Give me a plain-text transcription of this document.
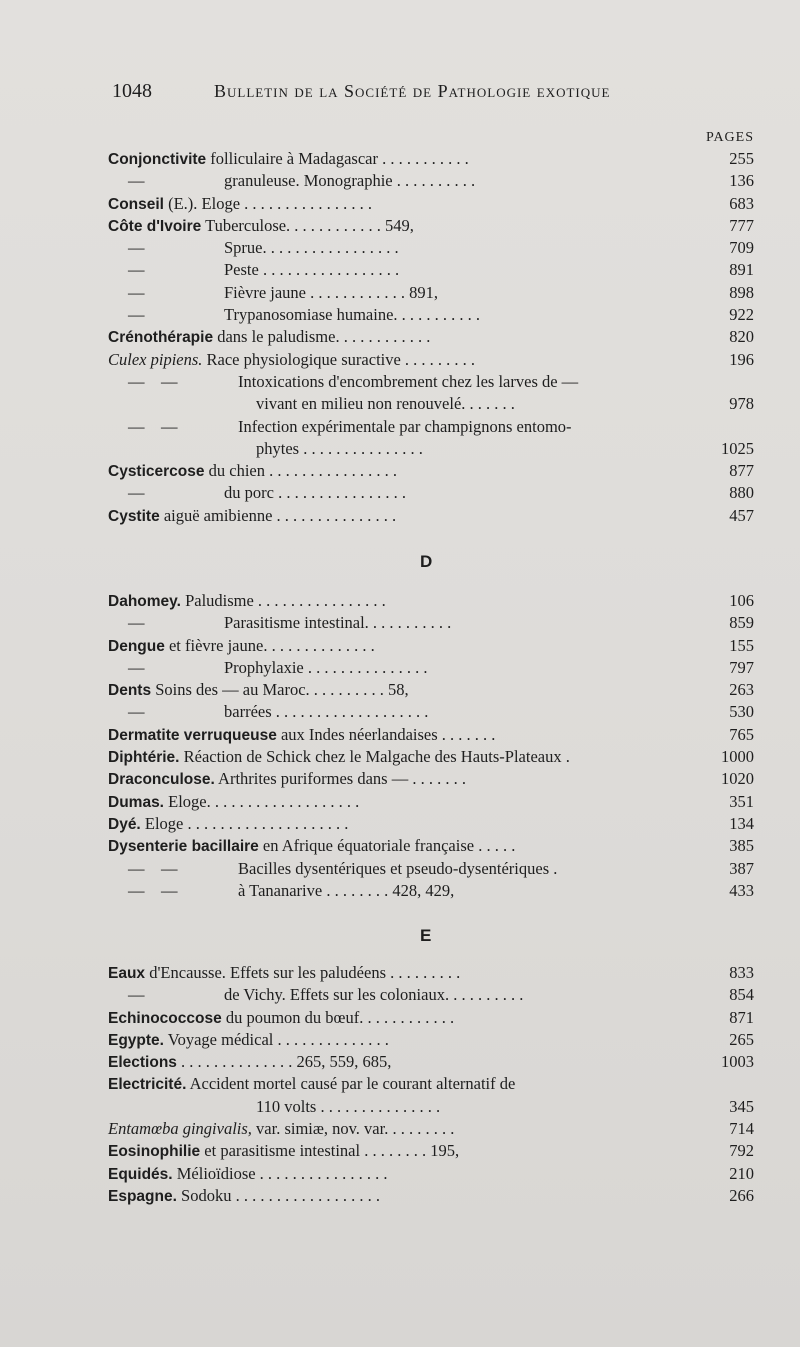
1048	Bulletin de la Société de Pathologie exotique
PAGES
Conjonctivite folliculaire à Madagascar . . . . . . . . . . .	255
—	granuleuse. Monographie . . . . . . . . . .	136
Conseil (E.). Eloge . . . . . . . . . . . . . . . .	683
Côte d'Ivoire Tuberculose. . . . . . . . . . . . 549,	777
—	Sprue. . . . . . . . . . . . . . . . .	709
—	Peste . . . . . . . . . . . . . . . . .	891
—	Fièvre jaune . . . . . . . . . . . . 891,	898
—	Trypanosomiase humaine. . . . . . . . . . .	922
Crénothérapie dans le paludisme. . . . . . . . . . . .	820
Culex pipiens. Race physiologique suractive . . . . . . . . .	196
—    —	Intoxications d'encombrement chez les larves de —
vivant en milieu non renouvelé. . . . . . .	978
—    —	Infection expérimentale par champignons entomo-
phytes . . . . . . . . . . . . . . .	1025
Cysticercose du chien . . . . . . . . . . . . . . . .	877
—	du porc . . . . . . . . . . . . . . . .	880
Cystite aiguë amibienne . . . . . . . . . . . . . . .	457
D
Dahomey. Paludisme . . . . . . . . . . . . . . . .	106
—	Parasitisme intestinal. . . . . . . . . . .	859
Dengue et fièvre jaune. . . . . . . . . . . . . .	155
—	Prophylaxie . . . . . . . . . . . . . . .	797
Dents Soins des — au Maroc. . . . . . . . . . 58,	263
—	barrées . . . . . . . . . . . . . . . . . . .	530
Dermatite verruqueuse aux Indes néerlandaises . . . . . . .	765
Diphtérie. Réaction de Schick chez le Malgache des Hauts-Plateaux .	1000
Draconculose. Arthrites puriformes dans — . . . . . . .	1020
Dumas. Eloge. . . . . . . . . . . . . . . . . . .	351
Dyé. Eloge . . . . . . . . . . . . . . . . . . . .	134
Dysenterie bacillaire en Afrique équatoriale française . . . . .	385
—    —	Bacilles dysentériques et pseudo-dysentériques .	387
—    —	à Tananarive . . . . . . . . 428, 429,	433
E
Eaux d'Encausse. Effets sur les paludéens . . . . . . . . .	833
—	de Vichy. Effets sur les coloniaux. . . . . . . . . .	854
Echinococcose du poumon du bœuf. . . . . . . . . . . .	871
Egypte. Voyage médical . . . . . . . . . . . . . .	265
Elections . . . . . . . . . . . . . . 265, 559, 685,	1003
Electricité. Accident mortel causé par le courant alternatif de
110 volts . . . . . . . . . . . . . . .	345
Entamœba gingivalis, var. simiæ, nov. var. . . . . . . . .	714
Eosinophilie et parasitisme intestinal . . . . . . . . 195,	792
Equidés. Mélioïdiose . . . . . . . . . . . . . . . .	210
Espagne. Sodoku . . . . . . . . . . . . . . . . . .	266
